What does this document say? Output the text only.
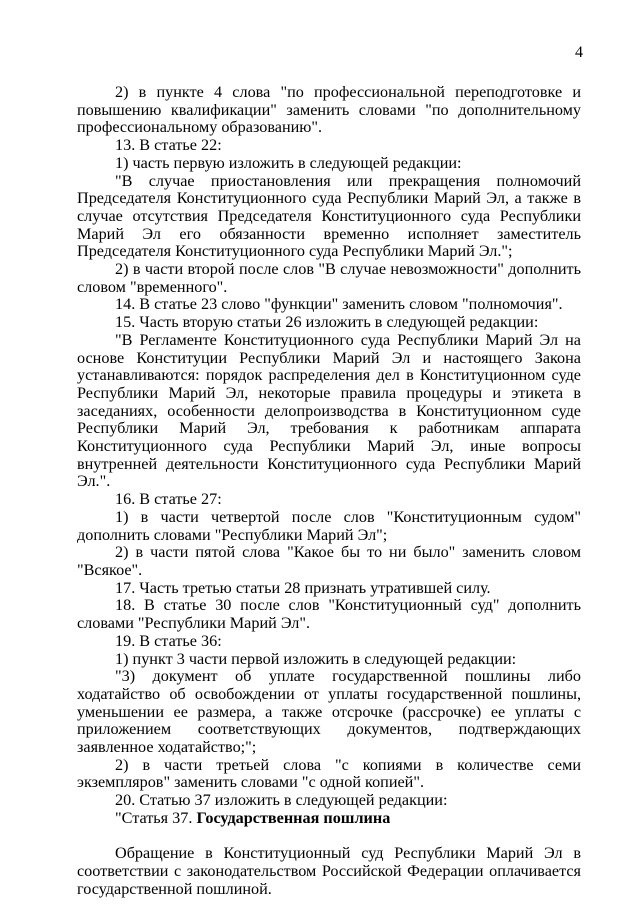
4

2) в пункте 4 слова "по профессиональной переподготовке и повышению квалификации" заменить словами "по дополнительному профессиональному образованию".

13. В статье 22:

1) часть первую изложить в следующей редакции:

"В случае приостановления или прекращения полномочий Председателя Конституционного суда Республики Марий Эл, а также в случае отсутствия Председателя Конституционного суда Республики Марий Эл его обязанности временно исполняет заместитель Председателя Конституционного суда Республики Марий Эл.";

2) в части второй после слов "В случае невозможности" дополнить словом "временного".

14. В статье 23 слово "функции" заменить словом "полномочия".

15. Часть вторую статьи 26 изложить в следующей редакции:

"В Регламенте Конституционного суда Республики Марий Эл на основе Конституции Республики Марий Эл и настоящего Закона устанавливаются: порядок распределения дел в Конституционном суде Республики Марий Эл, некоторые правила процедуры и этикета в заседаниях, особенности делопроизводства в Конституционном суде Республики Марий Эл, требования к работникам аппарата Конституционного суда Республики Марий Эл, иные вопросы внутренней деятельности Конституционного суда Республики Марий Эл.".

16. В статье 27:

1) в части четвертой после слов "Конституционным судом" дополнить словами "Республики Марий Эл";

2) в части пятой слова "Какое бы то ни было" заменить словом "Всякое".

17. Часть третью статьи 28 признать утратившей силу.

18. В статье 30 после слов "Конституционный суд" дополнить словами "Республики Марий Эл".

19. В статье 36:

1) пункт 3 части первой изложить в следующей редакции:

"3) документ об уплате государственной пошлины либо ходатайство об освобождении от уплаты государственной пошлины, уменьшении ее размера, а также отсрочке (рассрочке) ее уплаты с приложением соответствующих документов, подтверждающих заявленное ходатайство;";

2) в части третьей слова "с копиями в количестве семи экземпляров" заменить словами "с одной копией".

20. Статью 37 изложить в следующей редакции:

"Статья 37. Государственная пошлина

Обращение в Конституционный суд Республики Марий Эл в соответствии с законодательством Российской Федерации оплачивается государственной пошлиной.
